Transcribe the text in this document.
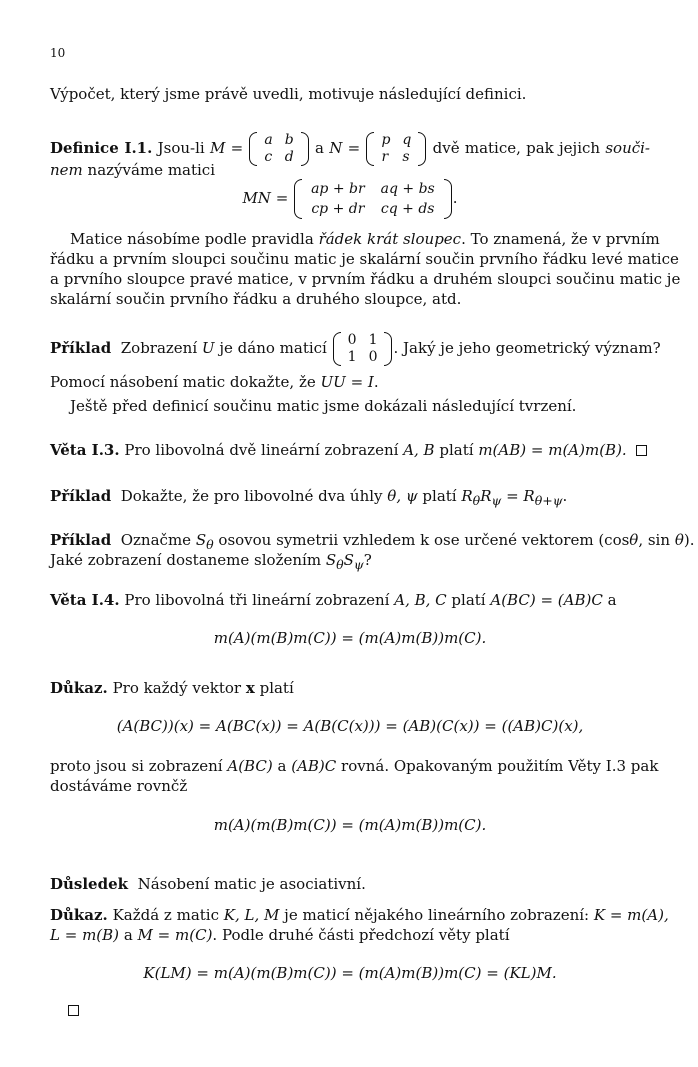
10
Výpočet, který jsme právě uvedli, motivuje následující definici.
Definice I.1. Jsou-li M = a	b
c	d a N = p	q
r	s dvě matice, pak jejich souči-
nem nazýváme matici
MN = ap + br	aq + bs
cp + dr	cq + ds
.
Matice násobíme podle pravidla řádek krát sloupec. To znamená, že v prvním
řádku a prvním sloupci součinu matic je skalární součin prvního řádku levé matice
a prvního sloupce pravé matice, v prvním řádku a druhém sloupci součinu matic je
skalární součin prvního řádku a druhého sloupce, atd.
Příklad Zobrazení U je dáno maticí 0	1
1	0 . Jaký je jeho geometrický význam?
Pomocí násobení matic dokažte, že UU = I.
Ještě před definicí součinu matic jsme dokázali následující tvrzení.
Věta I.3. Pro libovolná dvě lineární zobrazení A, B platí m(AB) = m(A)m(B).
Příklad Dokažte, že pro libovolné dva úhly θ, ψ platí $R_\theta R_\psi = R_{\theta+\psi}$.
Příklad Označme $S_\theta$ osovou symetrii vzhledem k ose určené vektorem (cosθ, sin θ).
Jaké zobrazení dostaneme složením $S_\theta S_\psi$?
Věta I.4. Pro libovolná tři lineární zobrazení A, B, C platí A(BC) = (AB)C a
m(A)(m(B)m(C)) = (m(A)m(B))m(C).
Důkaz. Pro každý vektor x platí
(A(BC))(x) = A(BC(x)) = A(B(C(x))) = (AB)(C(x)) = ((AB)C)(x),
proto jsou si zobrazení A(BC) a (AB)C rovná. Opakovaným použitím Věty I.3 pak
dostáváme rovnčž
m(A)(m(B)m(C)) = (m(A)m(B))m(C).
Důsledek Násobení matic je asociativní.
Důkaz. Každá z matic K, L, M je maticí nějakého lineárního zobrazení: K = m(A),
L = m(B) a M = m(C). Podle druhé části předchozí věty platí
K(LM) = m(A)(m(B)m(C)) = (m(A)m(B))m(C) = (KL)M.
